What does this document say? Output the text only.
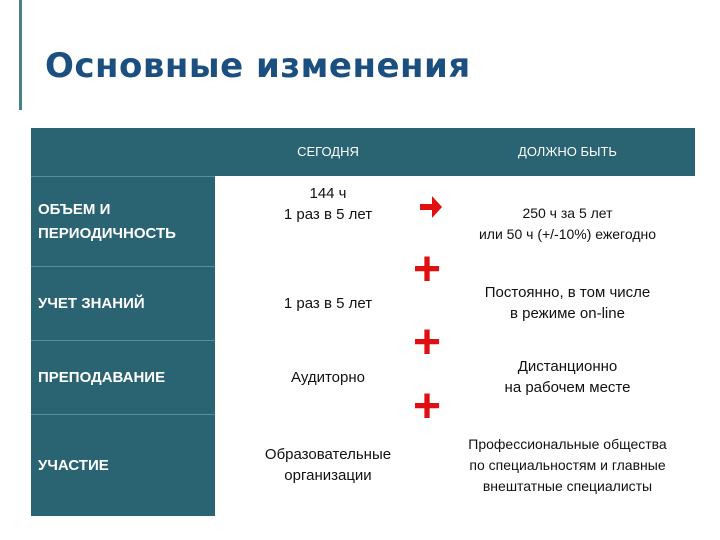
Основные изменения
СЕГОДНЯ	ДОЛЖНО БЫТЬ
ОБЪЕМ И ПЕРИОДИЧНОСТЬ
УЧЕТ ЗНАНИЙ
ПРЕПОДАВАНИЕ
УЧАСТИЕ
144 ч
1 раз в 5 лет
1 раз в 5 лет
Аудиторно
Образовательные
организации
250 ч за 5 лет
или 50 ч (+/-10%) ежегодно
Постоянно, в том числе
в режиме on-line
Дистанционно
на рабочем месте
Профессиональные общества
по специальностям и главные
внештатные специалисты
+
+
+
